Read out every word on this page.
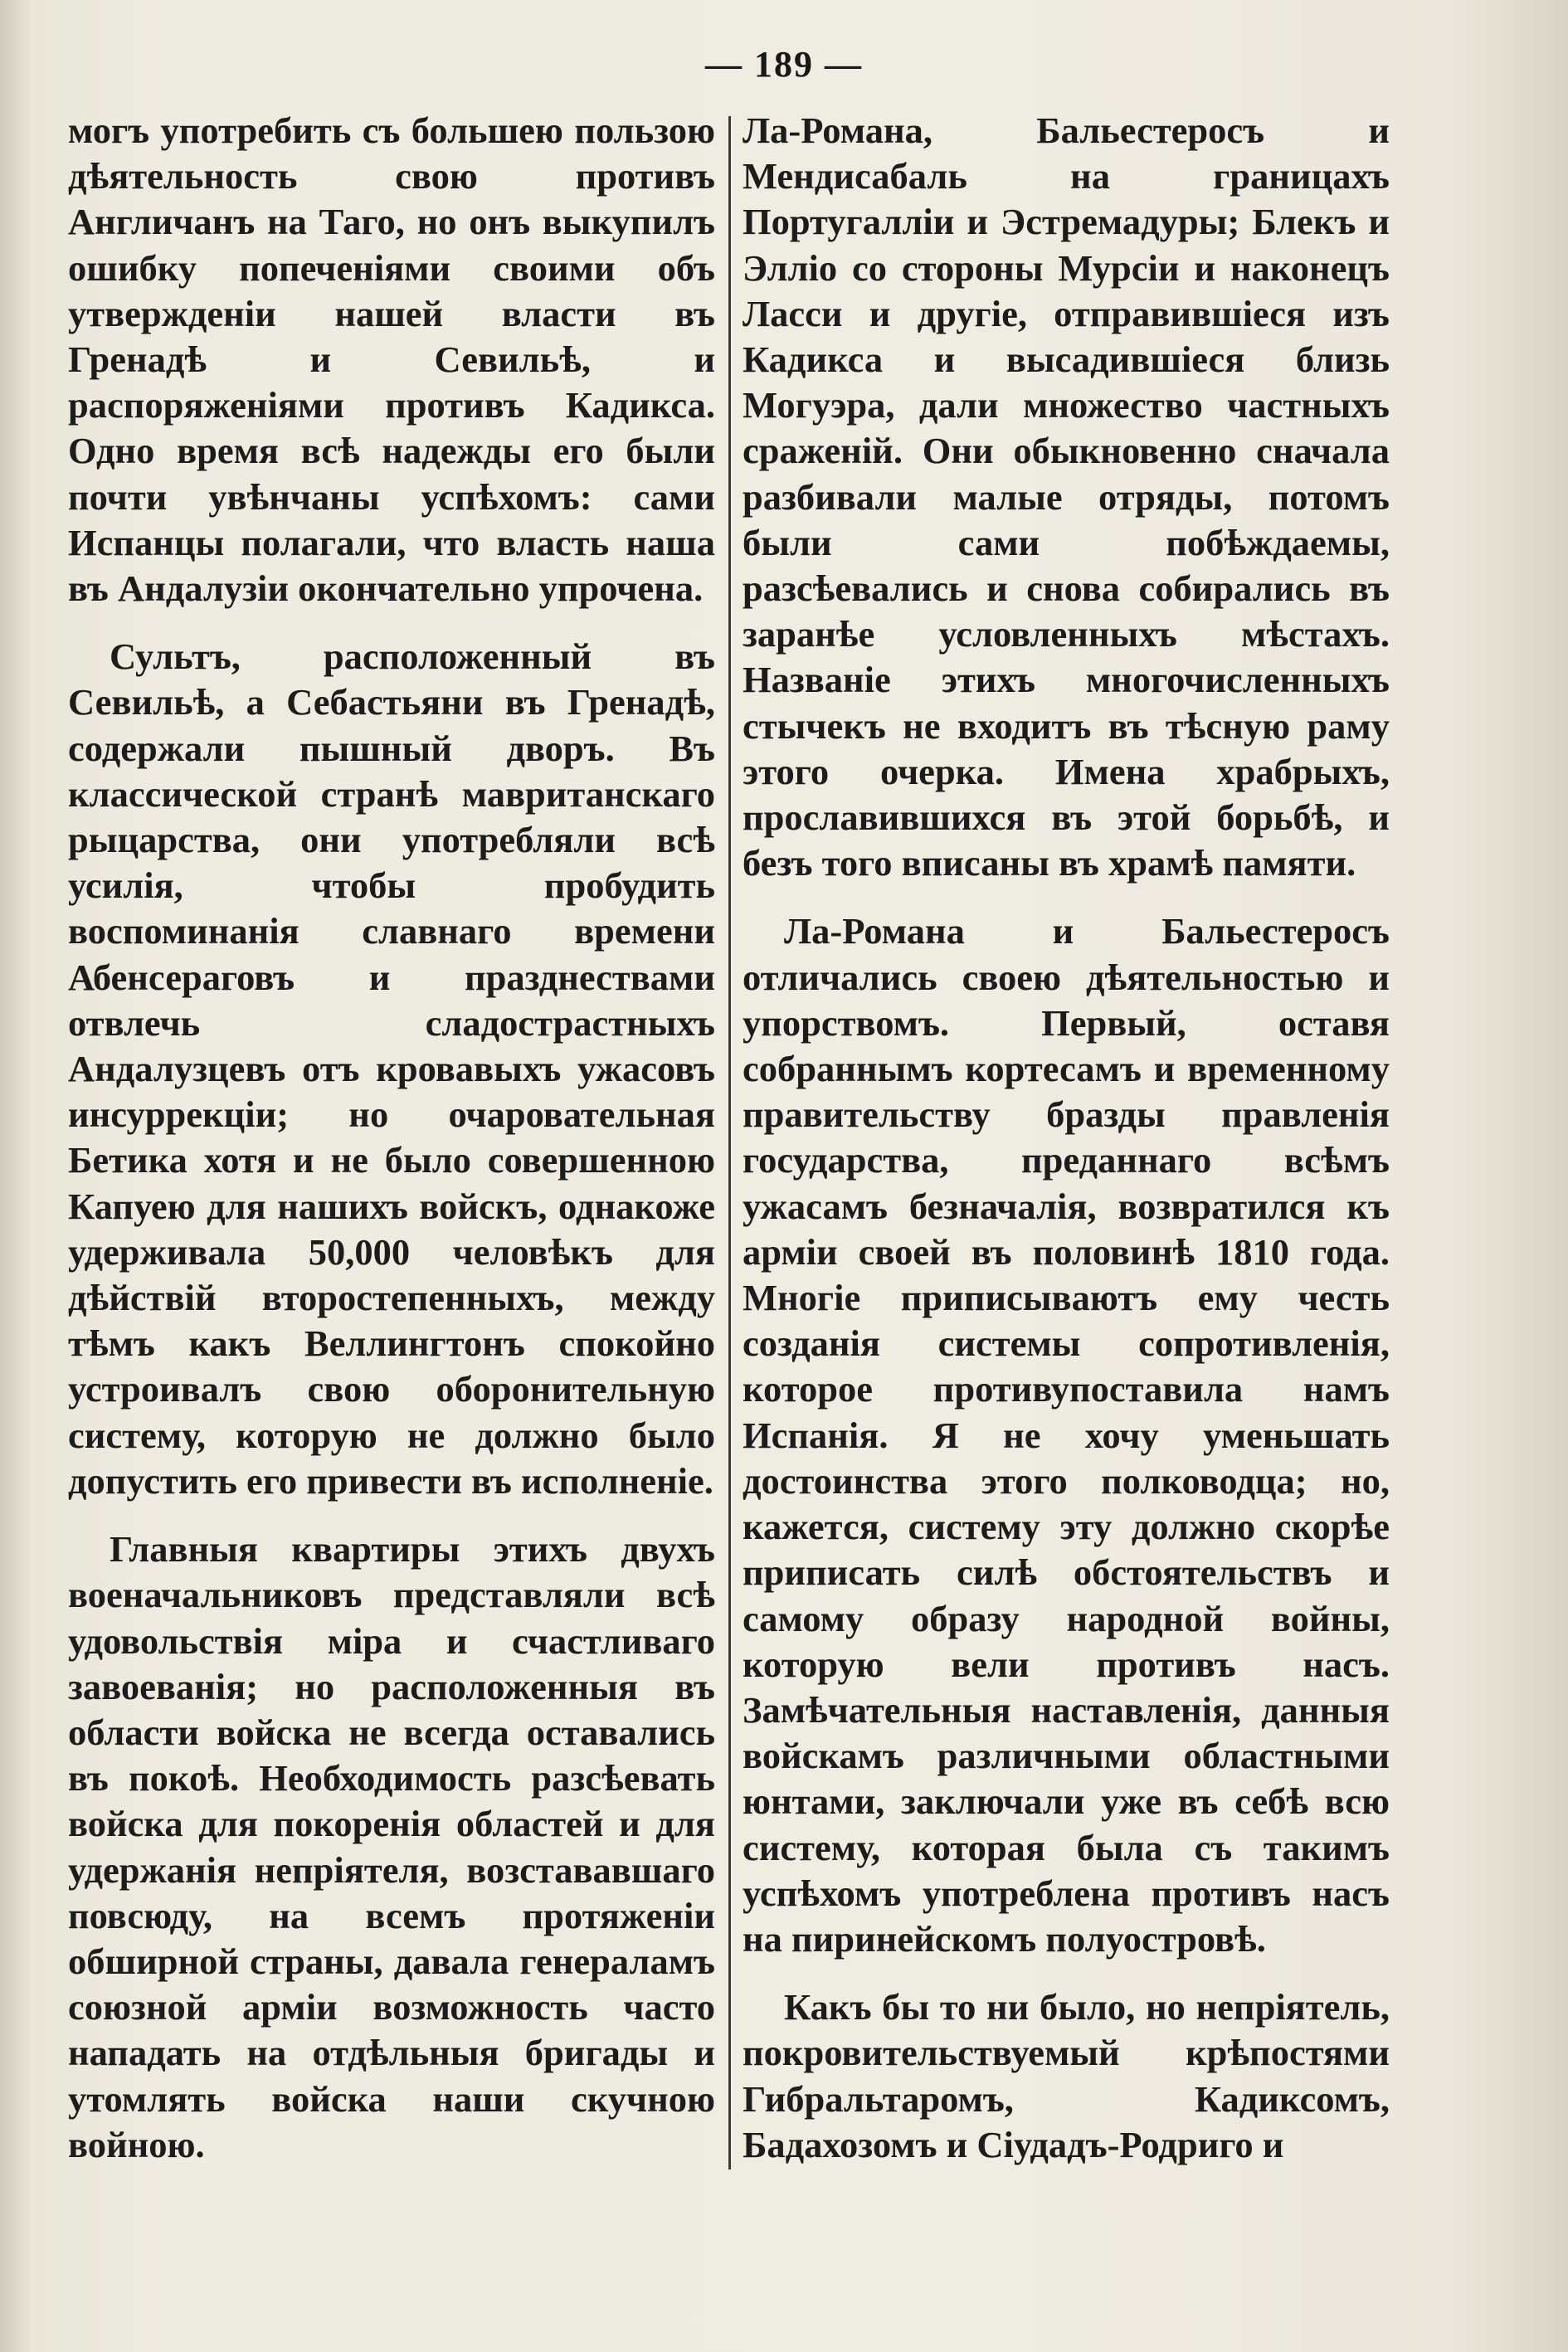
— 189 —

могъ употребить съ большею пользою дѣятельность свою противъ Англичанъ на Таго, но онъ выкупилъ ошибку попеченіями своими объ утвержденіи нашей власти въ Гренадѣ и Севильѣ, и распоряженіями противъ Кадикса. Одно время всѣ надежды его были почти увѣнчаны успѣхомъ: сами Испанцы полагали, что власть наша въ Андалузіи окончательно упрочена.

Сультъ, расположенный въ Севильѣ, а Себастьяни въ Гренадѣ, содержали пышный дворъ. Въ классической странѣ мавританскаго рыцарства, они употребляли всѣ усилія, чтобы пробудить воспоминанія славнаго времени Абенсераговъ и празднествами отвлечь сладострастныхъ Андалузцевъ отъ кровавыхъ ужасовъ инсуррекціи; но очаровательная Бетика хотя и не было совершенною Капуею для нашихъ войскъ, однакоже удерживала 50,000 человѣкъ для дѣйствій второстепенныхъ, между тѣмъ какъ Веллингтонъ спокойно устроивалъ свою оборонительную систему, которую не должно было допустить его привести въ исполненіе.

Главныя квартиры этихъ двухъ военачальниковъ представляли всѣ удовольствія міра и счастливаго завоеванія; но расположенныя въ области войска не всегда оставались въ покоѣ. Необходимость разсѣевать войска для покоренія областей и для удержанія непріятеля, возстававшаго повсюду, на всемъ протяженіи обширной страны, давала генераламъ союзной арміи возможность часто нападать на отдѣльныя бригады и утомлять войска наши скучною войною.

Ла-Романа, Бальестеросъ и Мендисабаль на границахъ Португалліи и Эстремадуры; Блекъ и Элліо со стороны Мурсіи и наконецъ Ласси и другіе, отправившіеся изъ Кадикса и высадившіеся близь Могуэра, дали множество частныхъ сраженій. Они обыкновенно сначала разбивали малые отряды, потомъ были сами побѣждаемы, разсѣевались и снова собирались въ заранѣе условленныхъ мѣстахъ. Названіе этихъ многочисленныхъ стычекъ не входитъ въ тѣсную раму этого очерка. Имена храбрыхъ, прославившихся въ этой борьбѣ, и безъ того вписаны въ храмѣ памяти.

Ла-Романа и Бальестеросъ отличались своею дѣятельностью и упорствомъ. Первый, оставя собраннымъ кортесамъ и временному правительству бразды правленія государства, преданнаго всѣмъ ужасамъ безначалія, возвратился къ арміи своей въ половинѣ 1810 года. Многіе приписываютъ ему честь созданія системы сопротивленія, которое противупоставила намъ Испанія. Я не хочу уменьшать достоинства этого полководца; но, кажется, систему эту должно скорѣе приписать силѣ обстоятельствъ и самому образу народной войны, которую вели противъ насъ. Замѣчательныя наставленія, данныя войскамъ различными областными юнтами, заключали уже въ себѣ всю систему, которая была съ такимъ успѣхомъ употреблена противъ насъ на пиринейскомъ полуостровѣ.

Какъ бы то ни было, но непріятель, покровительствуемый крѣпостями Гибральтаромъ, Кадиксомъ, Бадахозомъ и Сіудадъ-Родриго и
